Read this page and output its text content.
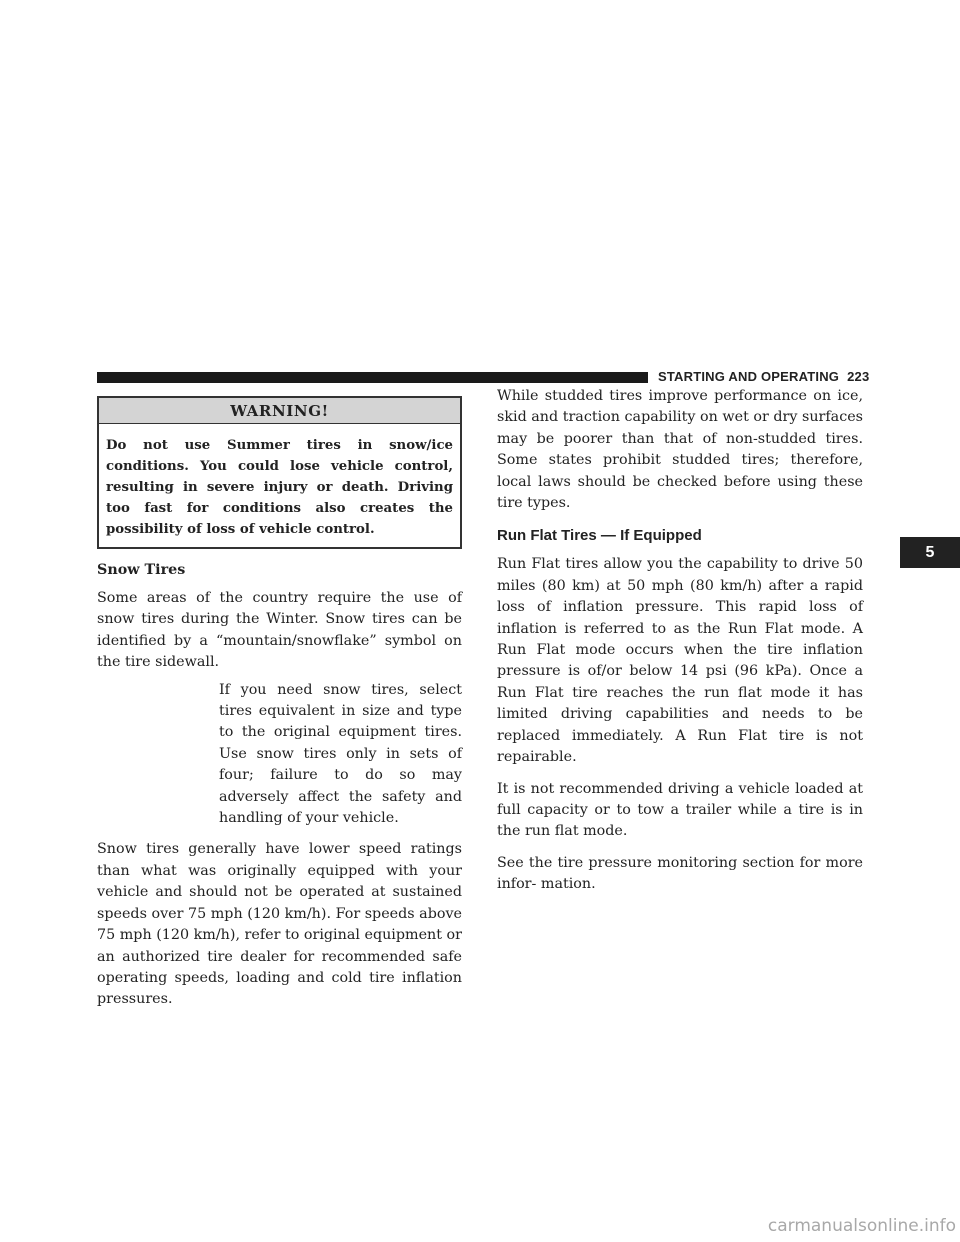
STARTING AND OPERATING 223
WARNING!
Do not use Summer tires in snow/ice conditions. You could lose vehicle control, resulting in severe injury or death. Driving too fast for conditions also creates the possibility of loss of vehicle control.
Snow Tires

Some areas of the country require the use of snow tires during the Winter. Snow tires can be identified by a “mountain/snowflake” symbol on the tire sidewall.

If you need snow tires, select tires equivalent in size and type to the original equipment tires. Use snow tires only in sets of four; failure to do so may adversely affect the safety and handling of your vehicle.

Snow tires generally have lower speed ratings than what was originally equipped with your vehicle and should not be operated at sustained speeds over 75 mph (120 km/h). For speeds above 75 mph (120 km/h), refer to original equipment or an authorized tire dealer for recommended safe operating speeds, loading and cold tire inflation pressures.

While studded tires improve performance on ice, skid and traction capability on wet or dry surfaces may be poorer than that of non-studded tires. Some states prohibit studded tires; therefore, local laws should be checked before using these tire types.

Run Flat Tires — If Equipped

Run Flat tires allow you the capability to drive 50 miles (80 km) at 50 mph (80 km/h) after a rapid loss of inflation pressure. This rapid loss of inflation is referred to as the Run Flat mode. A Run Flat mode occurs when the tire inflation pressure is of/or below 14 psi (96 kPa). Once a Run Flat tire reaches the run flat mode it has limited driving capabilities and needs to be replaced immediately. A Run Flat tire is not repairable.

It is not recommended driving a vehicle loaded at full capacity or to tow a trailer while a tire is in the run flat mode.

See the tire pressure monitoring section for more infor- mation.

5
carmanualsonline.info
